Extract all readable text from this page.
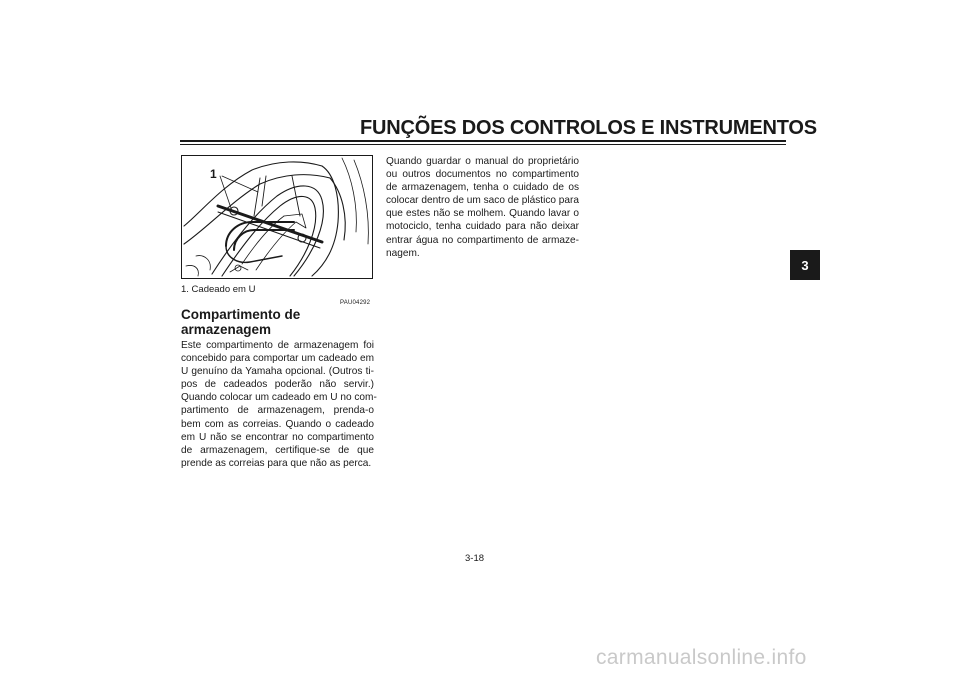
FUNÇÕES DOS CONTROLOS E INSTRUMENTOS
3
1
1. Cadeado em U
PAU04292
Compartimento de armazenagem
Este compartimento de armazenagem foi
concebido para comportar um cadeado em
U genuíno da Yamaha opcional. (Outros ti-
pos de cadeados poderão não servir.)
Quando colocar um cadeado em U no com-
partimento de armazenagem, prenda-o
bem com as correias. Quando o cadeado
em U não se encontrar no compartimento
de armazenagem, certifique-se de que
prende as correias para que não as perca.
Quando guardar o manual do proprietário
ou outros documentos no compartimento
de armazenagem, tenha o cuidado de os
colocar dentro de um saco de plástico para
que estes não se molhem. Quando lavar o
motociclo, tenha cuidado para não deixar
entrar água no compartimento de armaze-
nagem.
3-18
carmanualsonline.info
